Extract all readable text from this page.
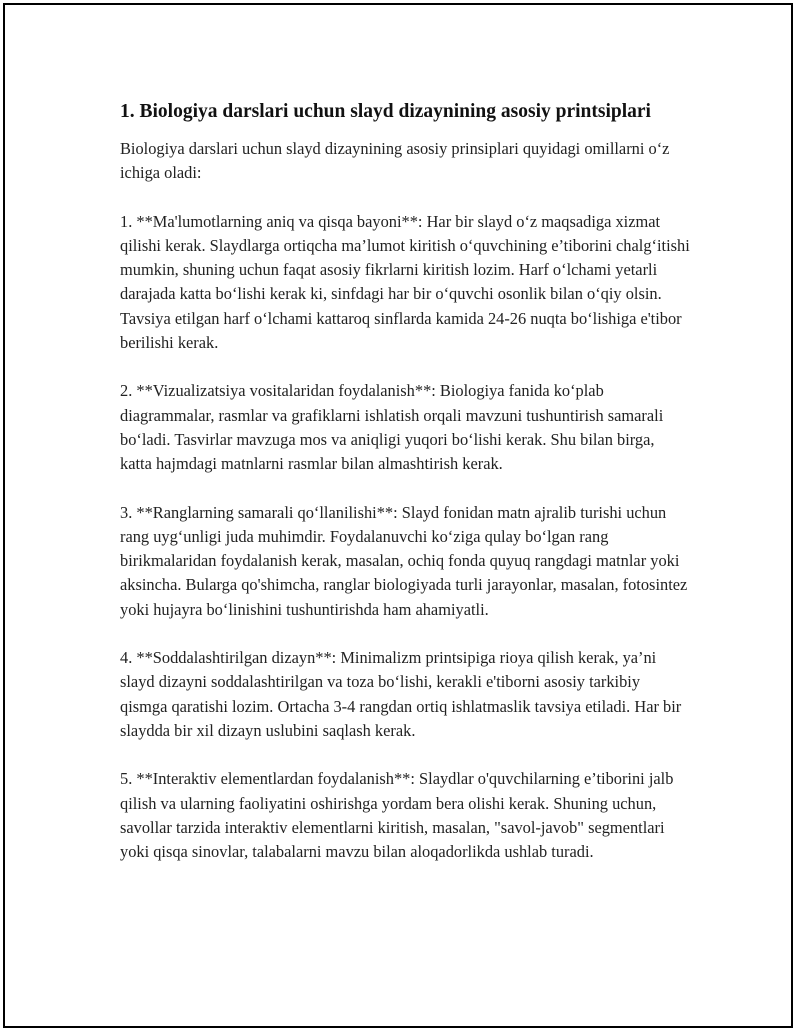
1. Biologiya darslari uchun slayd dizaynining asosiy printsiplari

Biologiya darslari uchun slayd dizaynining asosiy prinsiplari quyidagi omillarni o‘z ichiga oladi:

1. **Ma'lumotlarning aniq va qisqa bayoni**: Har bir slayd o‘z maqsadiga xizmat qilishi kerak. Slaydlarga ortiqcha ma’lumot kiritish o‘quvchining e’tiborini chalg‘itishi mumkin, shuning uchun faqat asosiy fikrlarni kiritish lozim. Harf o‘lchami yetarli darajada katta bo‘lishi kerak ki, sinfdagi har bir o‘quvchi osonlik bilan o‘qiy olsin. Tavsiya etilgan harf o‘lchami kattaroq sinflarda kamida 24-26 nuqta bo‘lishiga e'tibor berilishi kerak.

2. **Vizualizatsiya vositalaridan foydalanish**: Biologiya fanida ko‘plab diagrammalar, rasmlar va grafiklarni ishlatish orqali mavzuni tushuntirish samarali bo‘ladi. Tasvirlar mavzuga mos va aniqligi yuqori bo‘lishi kerak. Shu bilan birga, katta hajmdagi matnlarni rasmlar bilan almashtirish kerak.

3. **Ranglarning samarali qo‘llanilishi**: Slayd fonidan matn ajralib turishi uchun rang uyg‘unligi juda muhimdir. Foydalanuvchi ko‘ziga qulay bo‘lgan rang birikmalaridan foydalanish kerak, masalan, ochiq fonda quyuq rangdagi matnlar yoki aksincha. Bularga qo'shimcha, ranglar biologiyada turli jarayonlar, masalan, fotosintez yoki hujayra bo‘linishini tushuntirishda ham ahamiyatli.

4. **Soddalashtirilgan dizayn**: Minimalizm printsipiga rioya qilish kerak, ya’ni slayd dizayni soddalashtirilgan va toza bo‘lishi, kerakli e'tiborni asosiy tarkibiy qismga qaratishi lozim. Ortacha 3-4 rangdan ortiq ishlatmaslik tavsiya etiladi. Har bir slaydda bir xil dizayn uslubini saqlash kerak.

5. **Interaktiv elementlardan foydalanish**: Slaydlar o'quvchilarning e’tiborini jalb qilish va ularning faoliyatini oshirishga yordam bera olishi kerak. Shuning uchun, savollar tarzida interaktiv elementlarni kiritish, masalan, "savol-javob" segmentlari yoki qisqa sinovlar, talabalarni mavzu bilan aloqadorlikda ushlab turadi.
